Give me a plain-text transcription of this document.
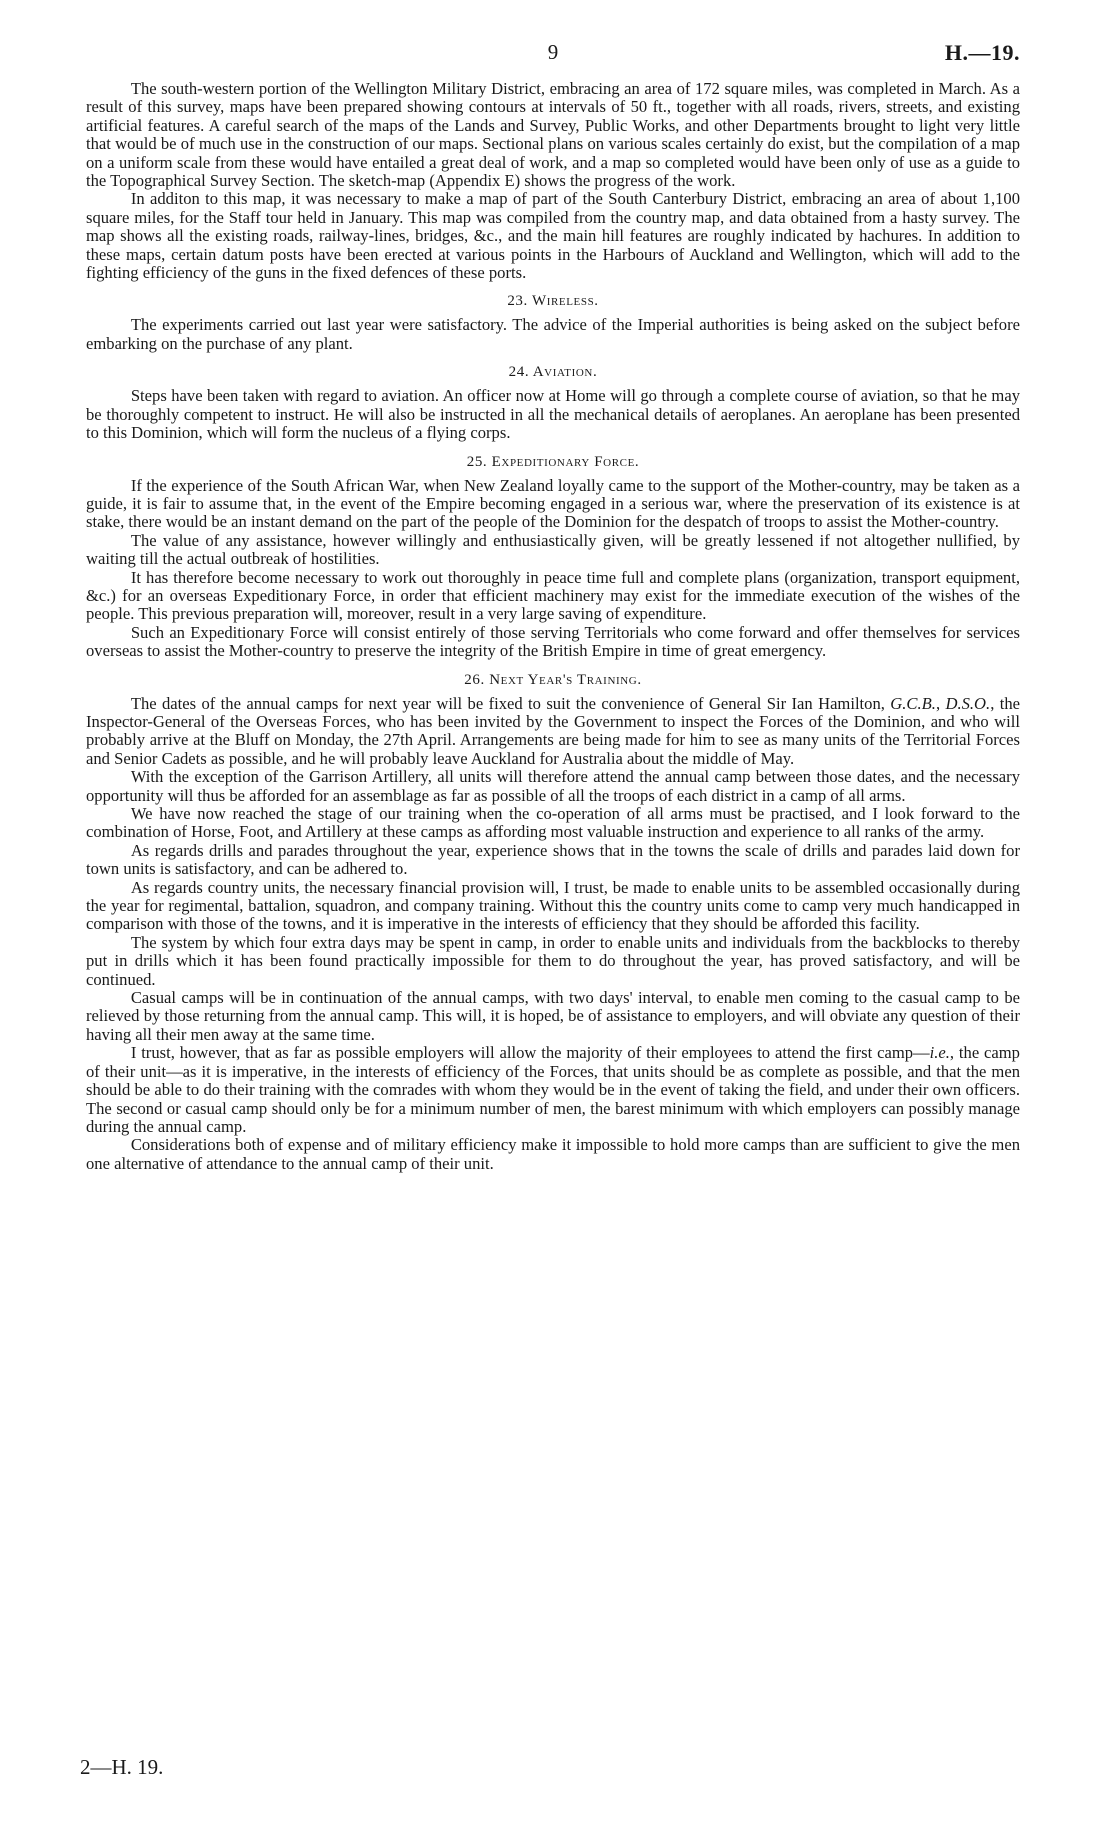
9	H.—19.

The south-western portion of the Wellington Military District, embracing an area of 172 square miles, was completed in March. As a result of this survey, maps have been prepared showing contours at intervals of 50 ft., together with all roads, rivers, streets, and existing artificial features. A careful search of the maps of the Lands and Survey, Public Works, and other Departments brought to light very little that would be of much use in the construction of our maps. Sectional plans on various scales certainly do exist, but the compilation of a map on a uniform scale from these would have entailed a great deal of work, and a map so completed would have been only of use as a guide to the Topographical Survey Section. The sketch-map (Appendix E) shows the progress of the work.

In additon to this map, it was necessary to make a map of part of the South Canterbury District, embracing an area of about 1,100 square miles, for the Staff tour held in January. This map was compiled from the country map, and data obtained from a hasty survey. The map shows all the existing roads, railway-lines, bridges, &c., and the main hill features are roughly indicated by hachures. In addition to these maps, certain datum posts have been erected at various points in the Harbours of Auckland and Wellington, which will add to the fighting efficiency of the guns in the fixed defences of these ports.

23. Wireless.

The experiments carried out last year were satisfactory. The advice of the Imperial authorities is being asked on the subject before embarking on the purchase of any plant.

24. Aviation.

Steps have been taken with regard to aviation. An officer now at Home will go through a complete course of aviation, so that he may be thoroughly competent to instruct. He will also be instructed in all the mechanical details of aeroplanes. An aeroplane has been presented to this Dominion, which will form the nucleus of a flying corps.

25. Expeditionary Force.

If the experience of the South African War, when New Zealand loyally came to the support of the Mother-country, may be taken as a guide, it is fair to assume that, in the event of the Empire becoming engaged in a serious war, where the preservation of its existence is at stake, there would be an instant demand on the part of the people of the Dominion for the despatch of troops to assist the Mother-country.

The value of any assistance, however willingly and enthusiastically given, will be greatly lessened if not altogether nullified, by waiting till the actual outbreak of hostilities.

It has therefore become necessary to work out thoroughly in peace time full and complete plans (organization, transport equipment, &c.) for an overseas Expeditionary Force, in order that efficient machinery may exist for the immediate execution of the wishes of the people. This previous preparation will, moreover, result in a very large saving of expenditure.

Such an Expeditionary Force will consist entirely of those serving Territorials who come forward and offer themselves for services overseas to assist the Mother-country to preserve the integrity of the British Empire in time of great emergency.

26. Next Year's Training.

The dates of the annual camps for next year will be fixed to suit the convenience of General Sir Ian Hamilton, G.C.B., D.S.O., the Inspector-General of the Overseas Forces, who has been invited by the Government to inspect the Forces of the Dominion, and who will probably arrive at the Bluff on Monday, the 27th April. Arrangements are being made for him to see as many units of the Territorial Forces and Senior Cadets as possible, and he will probably leave Auckland for Australia about the middle of May.

With the exception of the Garrison Artillery, all units will therefore attend the annual camp between those dates, and the necessary opportunity will thus be afforded for an assemblage as far as possible of all the troops of each district in a camp of all arms.

We have now reached the stage of our training when the co-operation of all arms must be practised, and I look forward to the combination of Horse, Foot, and Artillery at these camps as affording most valuable instruction and experience to all ranks of the army.

As regards drills and parades throughout the year, experience shows that in the towns the scale of drills and parades laid down for town units is satisfactory, and can be adhered to.

As regards country units, the necessary financial provision will, I trust, be made to enable units to be assembled occasionally during the year for regimental, battalion, squadron, and company training. Without this the country units come to camp very much handicapped in comparison with those of the towns, and it is imperative in the interests of efficiency that they should be afforded this facility.

The system by which four extra days may be spent in camp, in order to enable units and individuals from the backblocks to thereby put in drills which it has been found practically impossible for them to do throughout the year, has proved satisfactory, and will be continued.

Casual camps will be in continuation of the annual camps, with two days' interval, to enable men coming to the casual camp to be relieved by those returning from the annual camp. This will, it is hoped, be of assistance to employers, and will obviate any question of their having all their men away at the same time.

I trust, however, that as far as possible employers will allow the majority of their employees to attend the first camp—i.e., the camp of their unit—as it is imperative, in the interests of efficiency of the Forces, that units should be as complete as possible, and that the men should be able to do their training with the comrades with whom they would be in the event of taking the field, and under their own officers. The second or casual camp should only be for a minimum number of men, the barest minimum with which employers can possibly manage during the annual camp.

Considerations both of expense and of military efficiency make it impossible to hold more camps than are sufficient to give the men one alternative of attendance to the annual camp of their unit.

2—H. 19.
